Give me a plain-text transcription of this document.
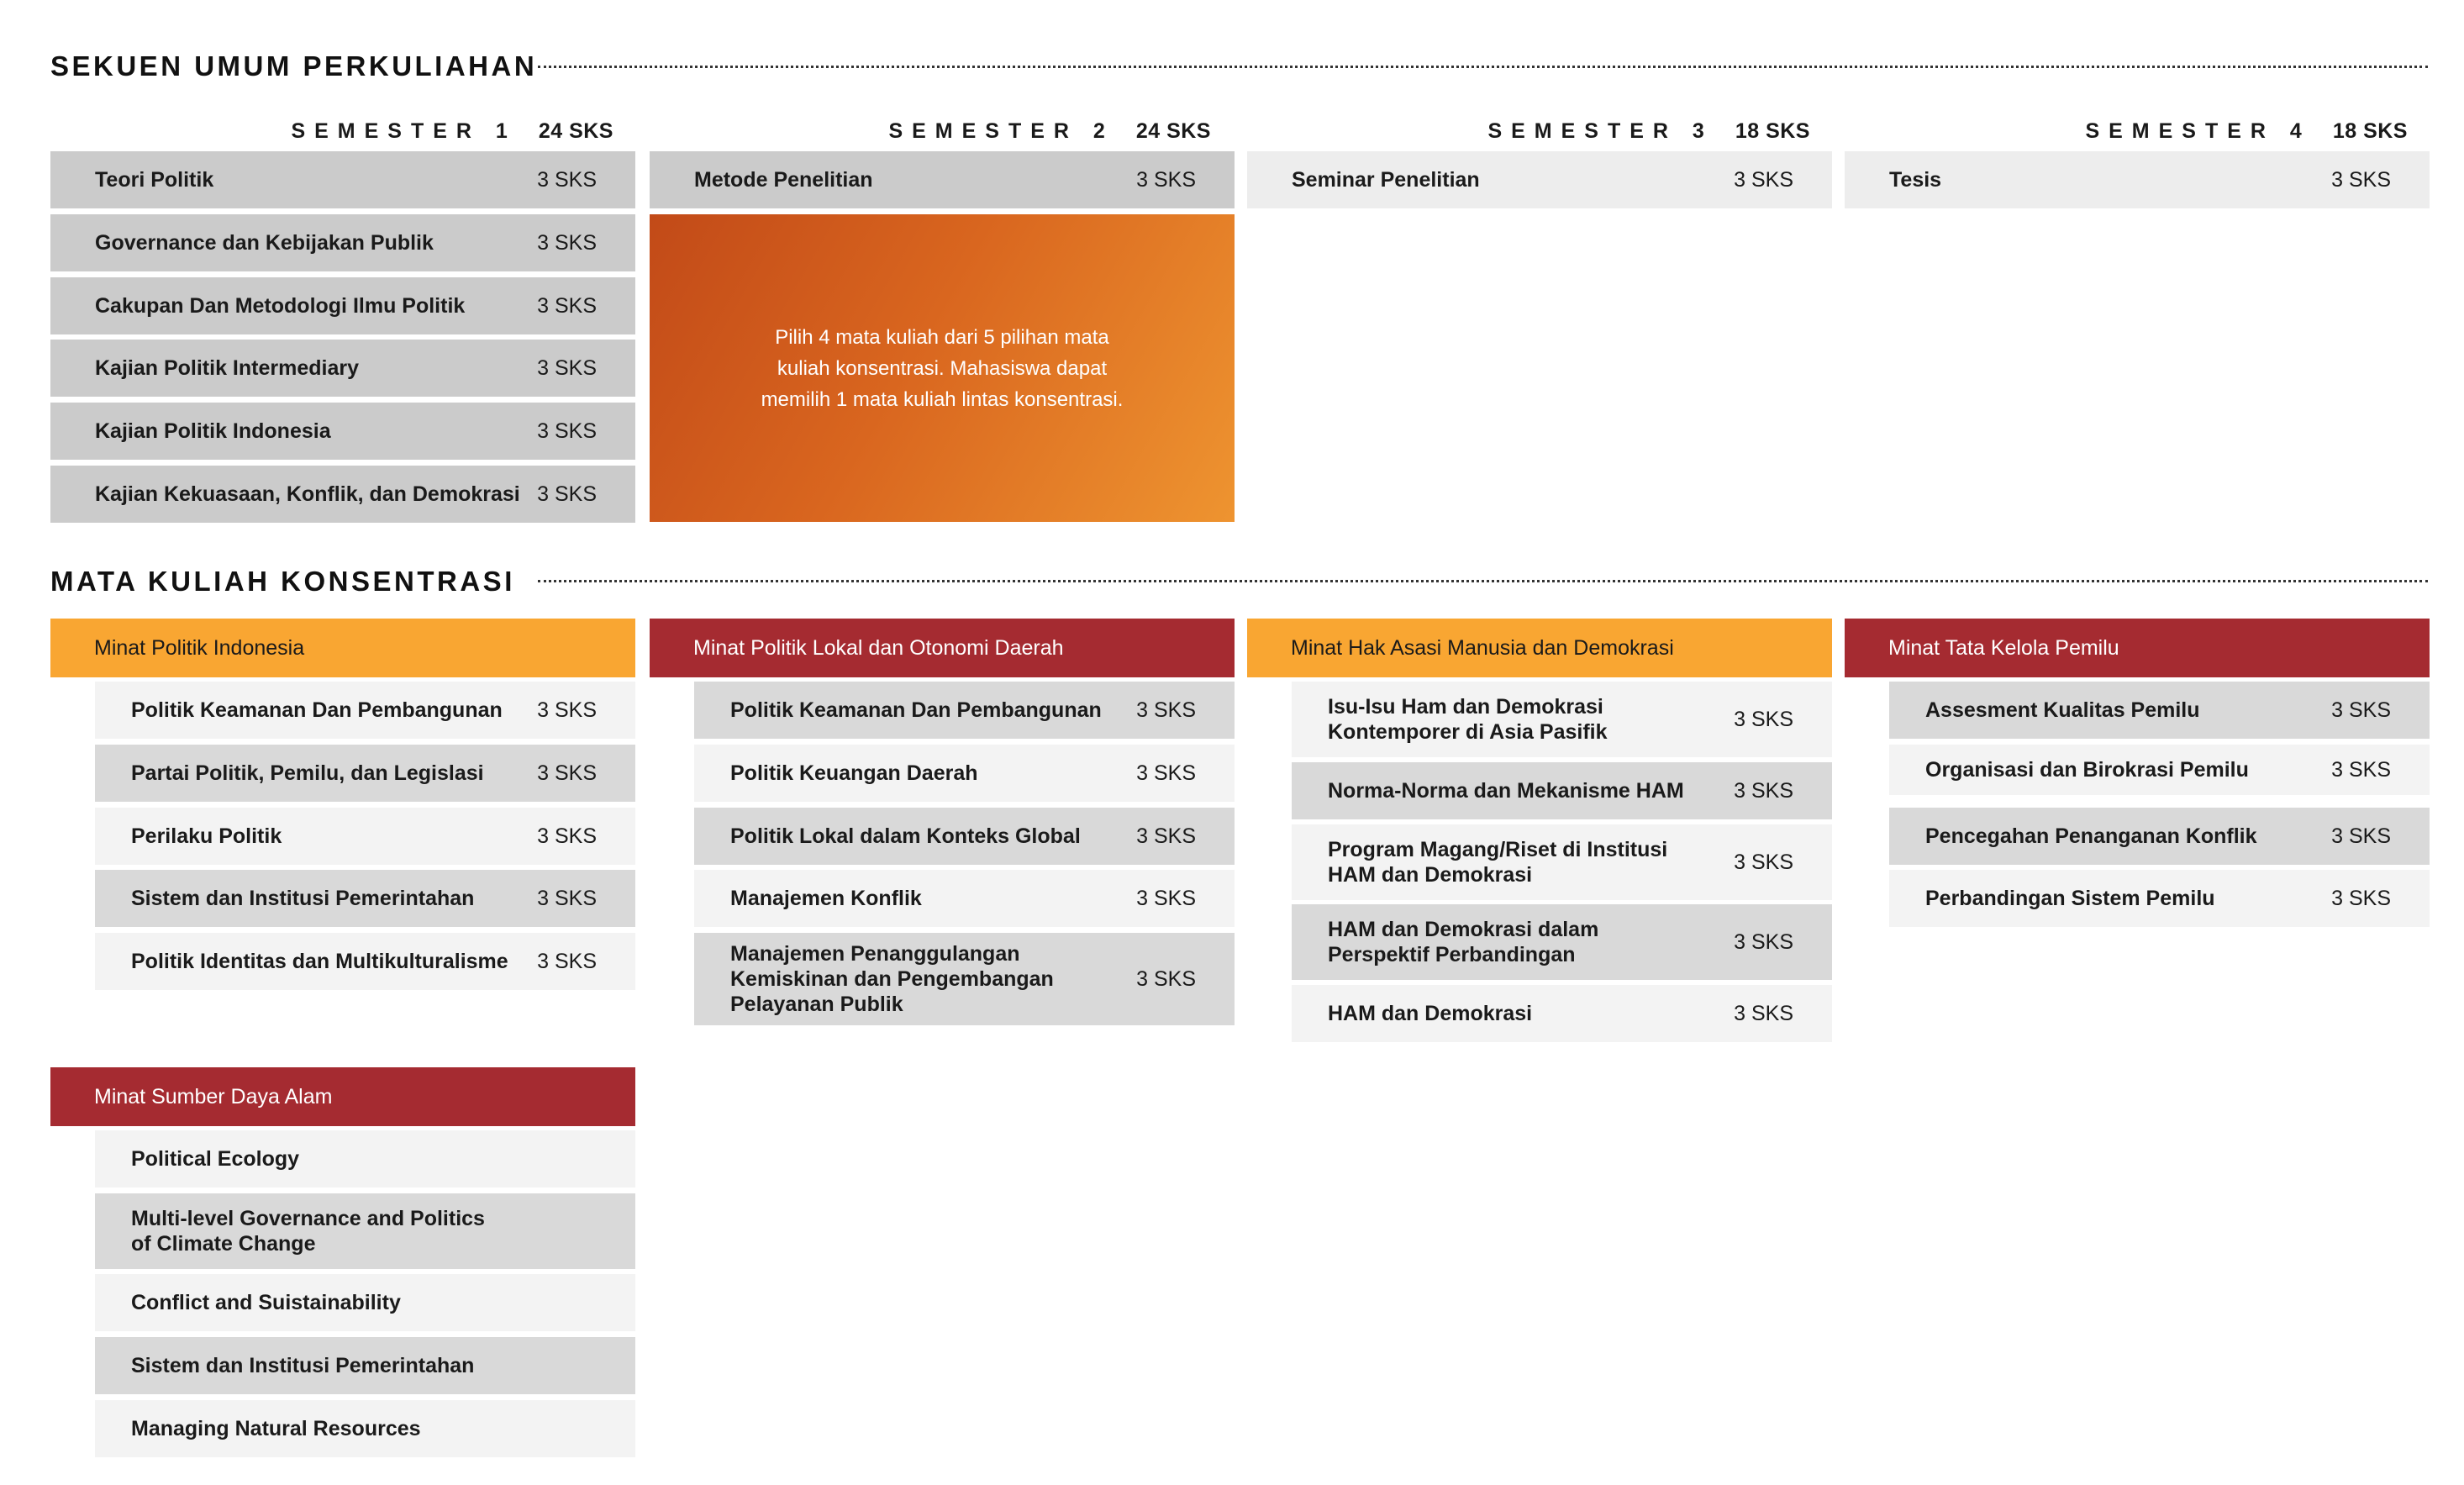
SEKUEN UMUM PERKULIAHAN
SEMESTER 1 24 SKS	SEMESTER 2 24 SKS	SEMESTER 3 18 SKS	SEMESTER 4 18 SKS
Teori Politik	3 SKS
Governance dan Kebijakan Publik	3 SKS
Cakupan Dan Metodologi Ilmu Politik	3 SKS
Kajian Politik Intermediary	3 SKS
Kajian Politik Indonesia	3 SKS
Kajian Kekuasaan, Konflik, dan Demokrasi 3 SKS
Metode Penelitian	3 SKS
Pilih 4 mata kuliah dari 5 pilihan mata kuliah konsentrasi. Mahasiswa dapat memilih 1 mata kuliah lintas konsentrasi.
Seminar Penelitian	3 SKS	Tesis	3 SKS
MATA KULIAH KONSENTRASI
Minat Politik Indonesia
Politik Keamanan Dan Pembangunan	3 SKS
Partai Politik, Pemilu, dan Legislasi	3 SKS
Perilaku Politik	3 SKS
Sistem dan Institusi Pemerintahan	3 SKS
Politik Identitas dan Multikulturalisme	3 SKS
Minat Politik Lokal dan Otonomi Daerah
Politik Keamanan Dan Pembangunan	3 SKS
Politik Keuangan Daerah	3 SKS
Politik Lokal dalam Konteks Global	3 SKS
Manajemen Konflik	3 SKS
Manajemen Penanggulangan Kemiskinan dan Pengembangan Pelayanan Publik
3 SKS
Minat Hak Asasi Manusia dan Demokrasi
Isu-Isu Ham dan Demokrasi Kontemporer di Asia Pasifik
3 SKS
Norma-Norma dan Mekanisme HAM	3 SKS
Program Magang/Riset di Institusi HAM dan Demokrasi
3 SKS
HAM dan Demokrasi dalam Perspektif Perbandingan
3 SKS
HAM dan Demokrasi	3 SKS
Minat Tata Kelola Pemilu
Assesment Kualitas Pemilu	3 SKS
Organisasi dan Birokrasi Pemilu	3 SKS
Pencegahan Penanganan Konflik	3 SKS
Perbandingan Sistem Pemilu	3 SKS
Minat Sumber Daya Alam
Political Ecology
Multi-level Governance and Politics of Climate Change
Conflict and Suistainability
Sistem dan Institusi Pemerintahan
Managing Natural Resources
